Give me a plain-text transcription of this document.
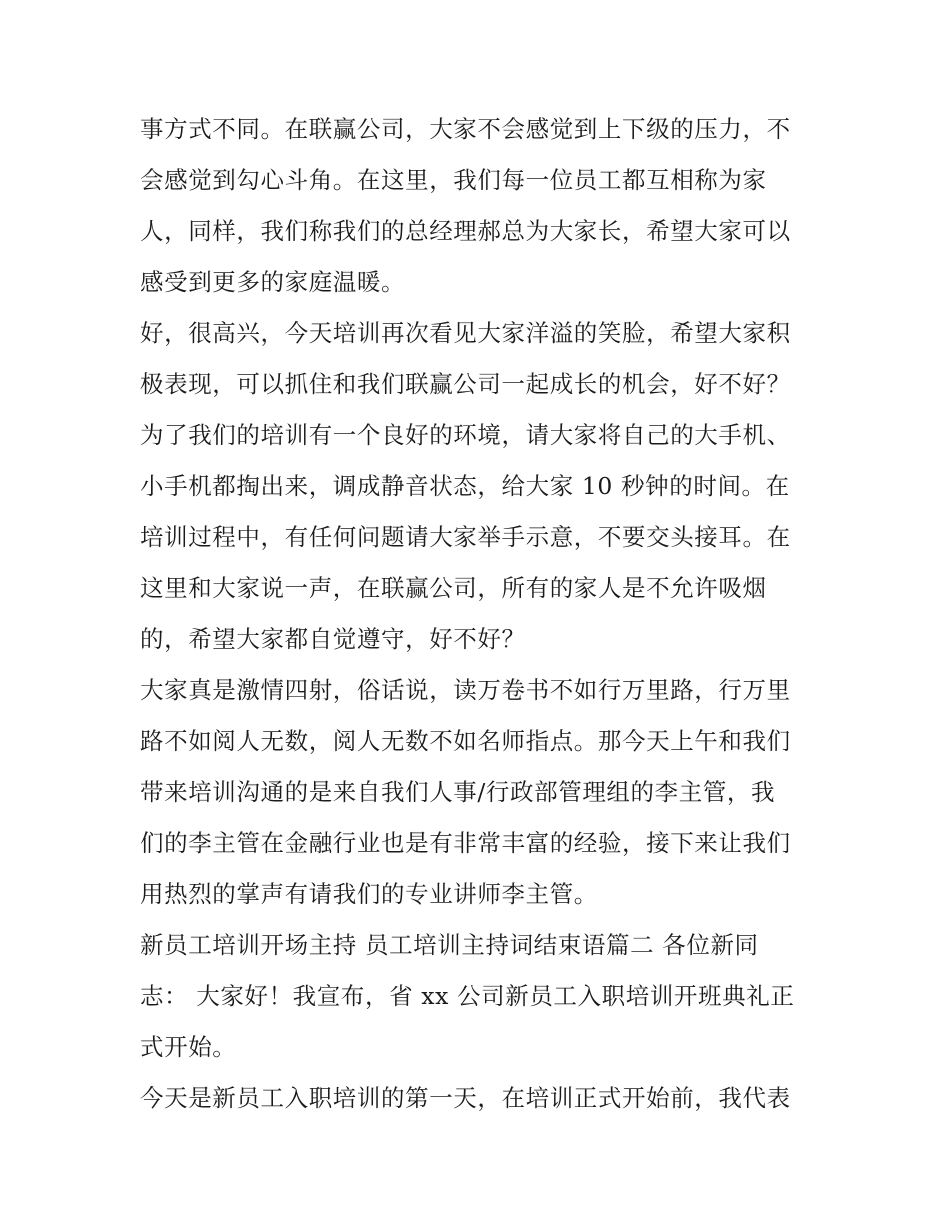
事方式不同。在联赢公司，大家不会感觉到上下级的压力，不
会感觉到勾心斗角。在这里，我们每一位员工都互相称为家
人，同样，我们称我们的总经理郝总为大家长，希望大家可以
感受到更多的家庭温暖。
好，很高兴，今天培训再次看见大家洋溢的笑脸，希望大家积
极表现，可以抓住和我们联赢公司一起成长的机会，好不好？
为了我们的培训有一个良好的环境，请大家将自己的大手机、
小手机都掏出来，调成静音状态，给大家 10 秒钟的时间。在
培训过程中，有任何问题请大家举手示意，不要交头接耳。在
这里和大家说一声，在联赢公司，所有的家人是不允许吸烟
的，希望大家都自觉遵守，好不好？
大家真是激情四射，俗话说，读万卷书不如行万里路，行万里
路不如阅人无数，阅人无数不如名师指点。那今天上午和我们
带来培训沟通的是来自我们人事/行政部管理组的李主管，我
们的李主管在金融行业也是有非常丰富的经验，接下来让我们
用热烈的掌声有请我们的专业讲师李主管。
新员工培训开场主持 员工培训主持词结束语篇二 各位新同
志： 大家好！我宣布，省 xx 公司新员工入职培训开班典礼正
式开始。
今天是新员工入职培训的第一天，在培训正式开始前，我代表
